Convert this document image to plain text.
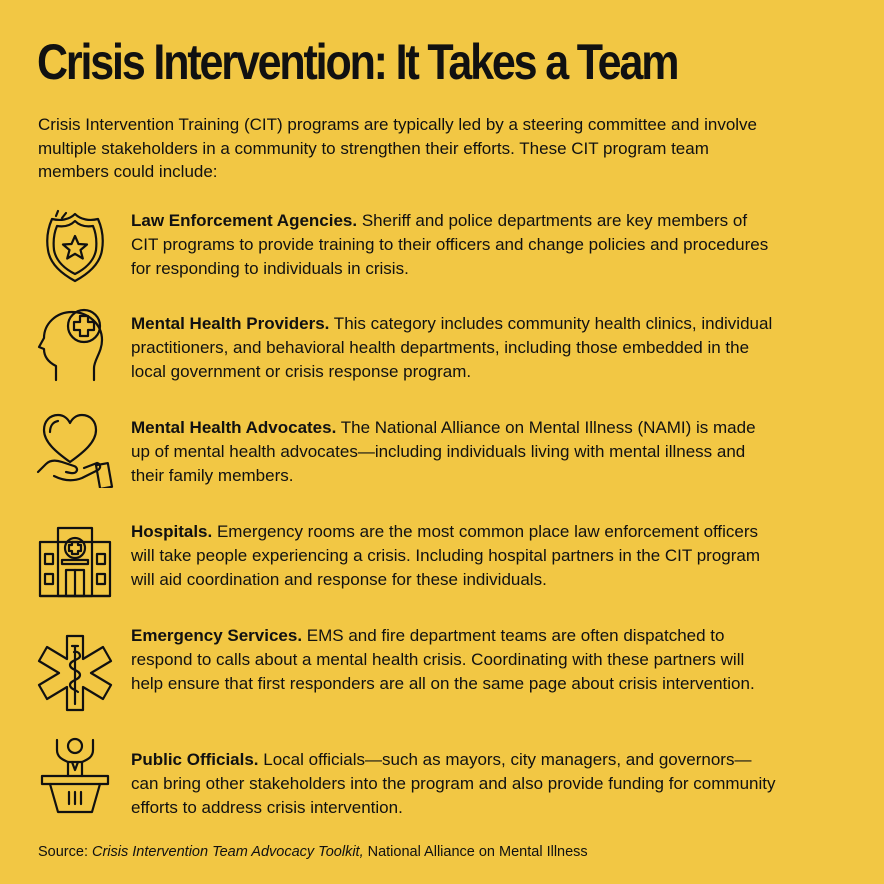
Crisis Intervention: It Takes a Team

Crisis Intervention Training (CIT) programs are typically led by a steering committee and involve multiple stakeholders in a community to strengthen their efforts. These CIT program team members could include:

Law Enforcement Agencies. Sheriff and police departments are key members of CIT programs to provide training to their officers and change policies and procedures for responding to individuals in crisis.

Mental Health Providers. This category includes community health clinics, individual practitioners, and behavioral health departments, including those embedded in the local government or crisis response program.

Mental Health Advocates. The National Alliance on Mental Illness (NAMI) is made up of mental health advocates—including individuals living with mental illness and their family members.

Hospitals. Emergency rooms are the most common place law enforcement officers will take people experiencing a crisis. Including hospital partners in the CIT program will aid coordination and response for these individuals.

Emergency Services. EMS and fire department teams are often dispatched to respond to calls about a mental health crisis. Coordinating with these partners will help ensure that first responders are all on the same page about crisis intervention.

Public Officials. Local officials—such as mayors, city managers, and governors—can bring other stakeholders into the program and also provide funding for community efforts to address crisis intervention.

Source: Crisis Intervention Team Advocacy Toolkit, National Alliance on Mental Illness
